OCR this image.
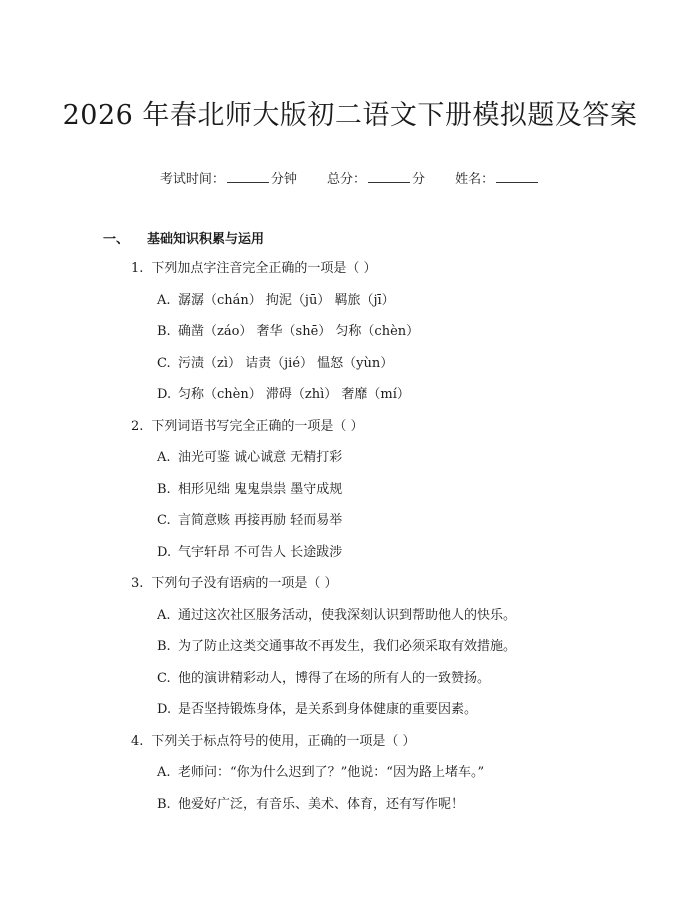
2026 年春北师大版初二语文下册模拟题及答案
考试时间：	分钟 总分：	分 姓名：
一、 基础知识积累与运用
1. 下列加点字注音完全正确的一项是（ ）
A. 潺潺（chán） 拘泥（jū） 羁旅（jī）
B. 确凿（záo） 奢华（shē） 匀称（chèn）
C. 污渍（zì） 诘责（jié） 愠怒（yùn）
D. 匀称（chèn） 滞碍（zhì） 奢靡（mí）
2. 下列词语书写完全正确的一项是（ ）
A. 油光可鉴 诚心诚意 无精打彩
B. 相形见绌 鬼鬼祟祟 墨守成规
C. 言简意赅 再接再励 轻而易举
D. 气宇轩昂 不可告人 长途跋涉
3. 下列句子没有语病的一项是（ ）
A. 通过这次社区服务活动，使我深刻认识到帮助他人的快乐。
B. 为了防止这类交通事故不再发生，我们必须采取有效措施。
C. 他的演讲精彩动人，博得了在场的所有人的一致赞扬。
D. 是否坚持锻炼身体，是关系到身体健康的重要因素。
4. 下列关于标点符号的使用，正确的一项是（ ）
A. 老师问：“你为什么迟到了？”他说：“因为路上堵车。”
B. 他爱好广泛，有音乐、美术、体育，还有写作呢！
